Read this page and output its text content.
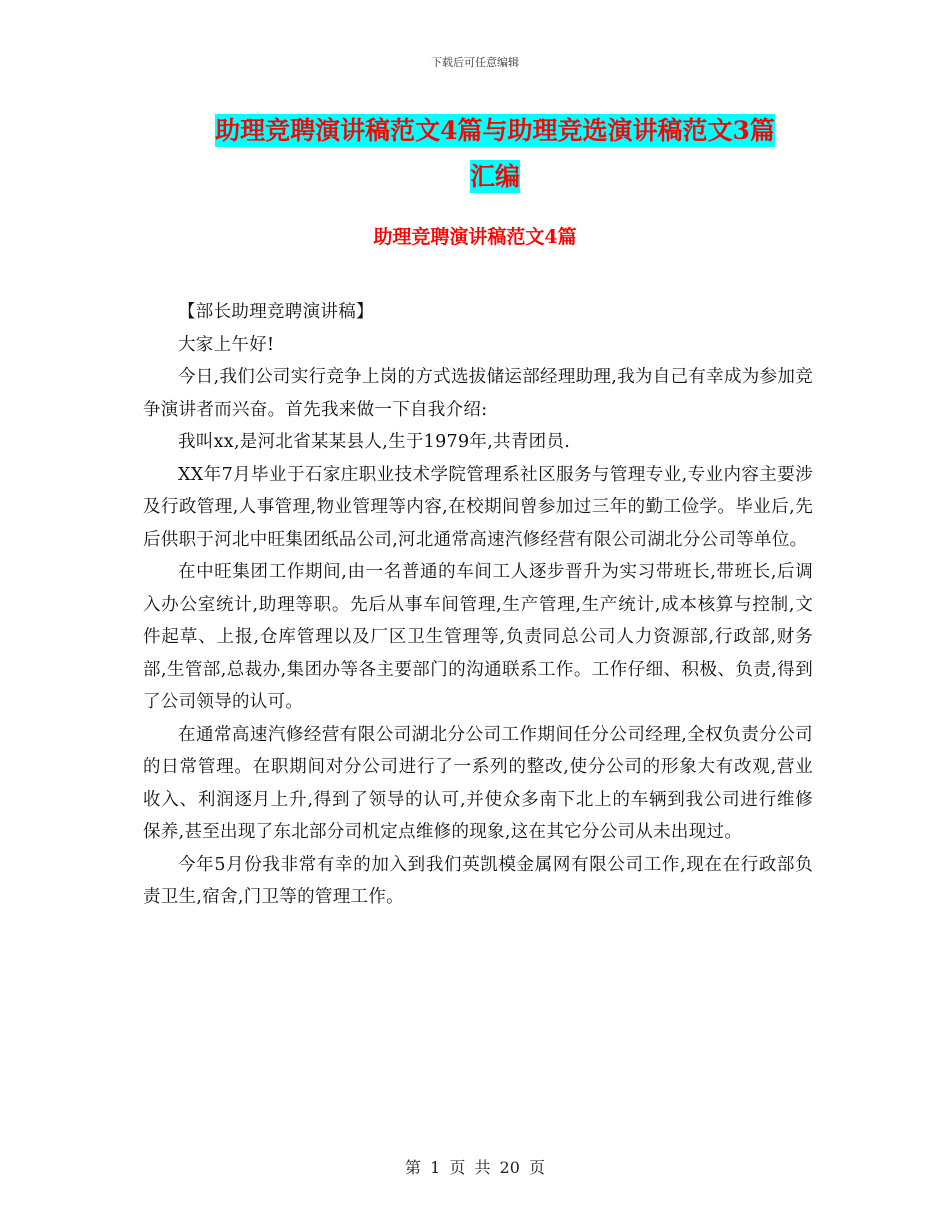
下载后可任意编辑
助理竞聘演讲稿范文4篇与助理竞选演讲稿范文3篇
汇编
助理竞聘演讲稿范文4篇

【部长助理竞聘演讲稿】

大家上午好!

今日,我们公司实行竞争上岗的方式选拔储运部经理助理,我为自己有幸成为参加竞争演讲者而兴奋。首先我来做一下自我介绍:

我叫xx,是河北省某某县人,生于1979年,共青团员.

XX年7月毕业于石家庄职业技术学院管理系社区服务与管理专业,专业内容主要涉及行政管理,人事管理,物业管理等内容,在校期间曾参加过三年的勤工俭学。毕业后,先后供职于河北中旺集团纸品公司,河北通常高速汽修经营有限公司湖北分公司等单位。

在中旺集团工作期间,由一名普通的车间工人逐步晋升为实习带班长,带班长,后调入办公室统计,助理等职。先后从事车间管理,生产管理,生产统计,成本核算与控制,文件起草、上报,仓库管理以及厂区卫生管理等,负责同总公司人力资源部,行政部,财务部,生管部,总裁办,集团办等各主要部门的沟通联系工作。工作仔细、积极、负责,得到了公司领导的认可。

在通常高速汽修经营有限公司湖北分公司工作期间任分公司经理,全权负责分公司的日常管理。在职期间对分公司进行了一系列的整改,使分公司的形象大有改观,营业收入、利润逐月上升,得到了领导的认可,并使众多南下北上的车辆到我公司进行维修保养,甚至出现了东北部分司机定点维修的现象,这在其它分公司从未出现过。

今年5月份我非常有幸的加入到我们英凯模金属网有限公司工作,现在在行政部负责卫生,宿舍,门卫等的管理工作。

第 1 页 共 20 页
